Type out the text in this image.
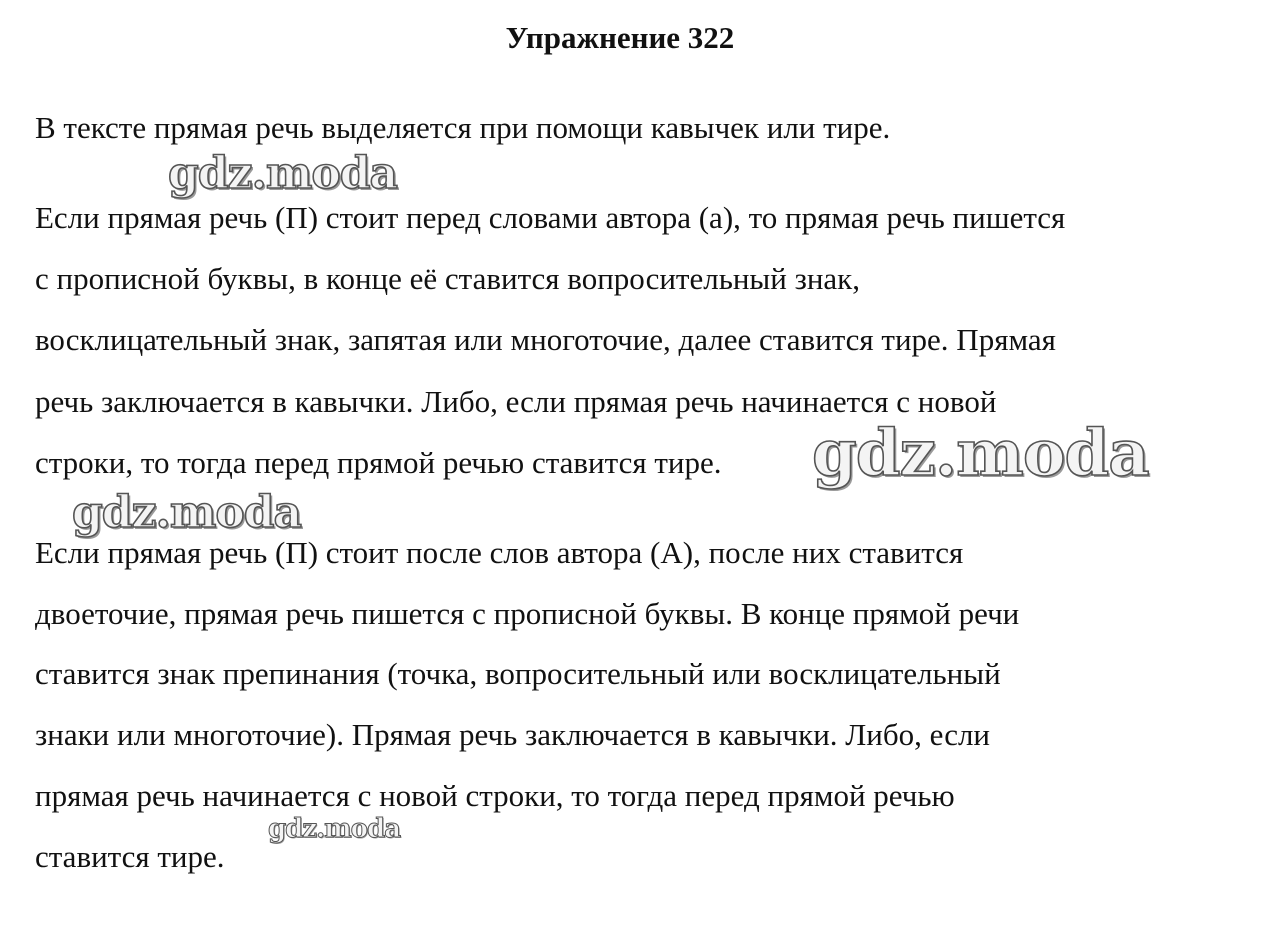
Упражнение 322
В тексте прямая речь выделяется при помощи кавычек или тире.
Если прямая речь (П) стоит перед словами автора (а), то прямая речь пишется
с прописной буквы, в конце её ставится вопросительный знак,
восклицательный знак, запятая или многоточие, далее ставится тире. Прямая
речь заключается в кавычки. Либо, если прямая речь начинается с новой
строки, то тогда перед прямой речью ставится тире.
Если прямая речь (П) стоит после слов автора (А), после них ставится
двоеточие, прямая речь пишется с прописной буквы. В конце прямой речи
ставится знак препинания (точка, вопросительный или восклицательный
знаки или многоточие). Прямая речь заключается в кавычки. Либо, если
прямая речь начинается с новой строки, то тогда перед прямой речью
ставится тире.
gdz.moda
gdz.moda
gdz.moda
gdz.moda
